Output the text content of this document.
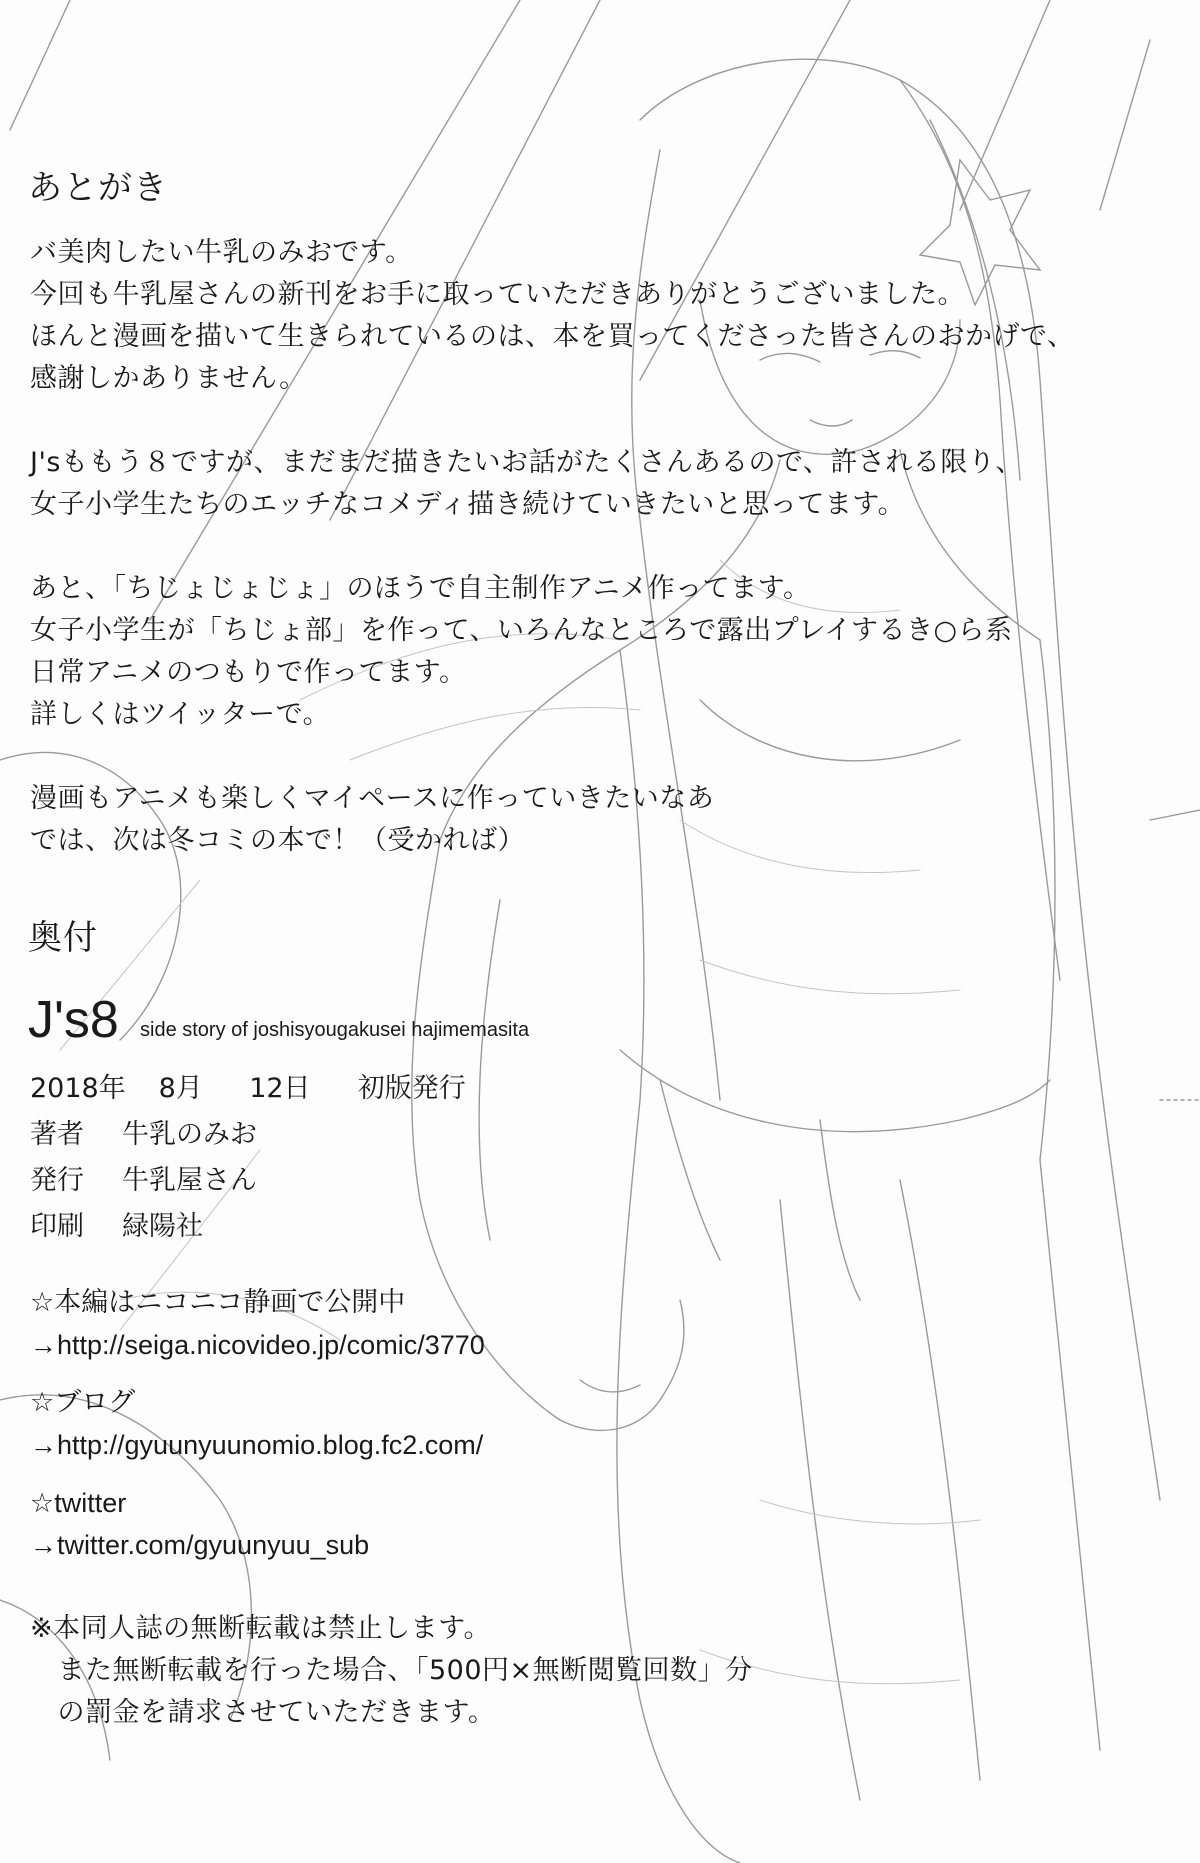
あとがき
バ美肉したい牛乳のみおです。
今回も牛乳屋さんの新刊をお手に取っていただきありがとうございました。
ほんと漫画を描いて生きられているのは、本を買ってくださった皆さんのおかげで、
感謝しかありません。
J'sももう８ですが、まだまだ描きたいお話がたくさんあるので、許される限り、
女子小学生たちのエッチなコメディ描き続けていきたいと思ってます。
あと、「ちじょじょじょ」のほうで自主制作アニメ作ってます。
女子小学生が「ちじょ部」を作って、いろんなところで露出プレイするき○ら系
日常アニメのつもりで作ってます。
詳しくはツイッターで。
漫画もアニメも楽しくマイペースに作っていきたいなあ
では、次は冬コミの本で！（受かれば）
奥付
J's8 side story of joshisyougakusei hajimemasita
2018年 8月 12日 初版発行
著者 牛乳のみお
発行 牛乳屋さん
印刷 緑陽社
☆本編はニコニコ静画で公開中
→http://seiga.nicovideo.jp/comic/3770
☆ブログ
→http://gyuunyuunomio.blog.fc2.com/
☆twitter
→twitter.com/gyuunyuu_sub
※本同人誌の無断転載は禁止します。
　また無断転載を行った場合、「500円×無断閲覧回数」分
　の罰金を請求させていただきます。
